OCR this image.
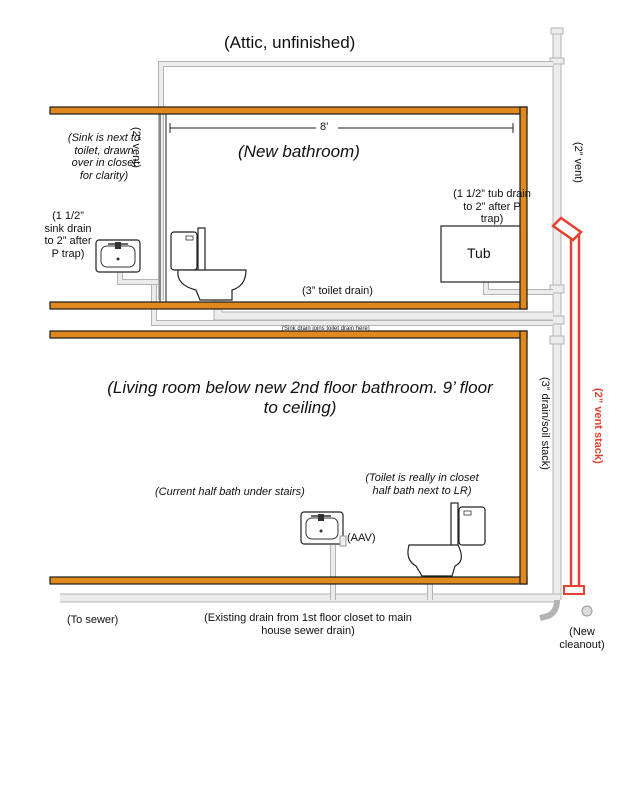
(Attic, unfinished)
8’
(New bathroom)
(Sink is next to toilet, drawn over in closet for clarity)
(1 1/2” sink drain to 2” after P trap)
(1 1/2” tub drain to 2” after P trap)
Tub
(3” toilet drain)
(Sink drain joins toilet drain here)
(Living room below new 2nd floor bathroom. 9’ floor to ceiling)
(Current half bath under stairs)
(Toilet is really in closet half bath next to LR)
(AAV)
(To sewer)	(Existing drain from 1st floor closet to main house sewer drain)	(New cleanout)
(2” vent)	(2” vent)
(3” drain/soil stack)	(2” vent stack)
